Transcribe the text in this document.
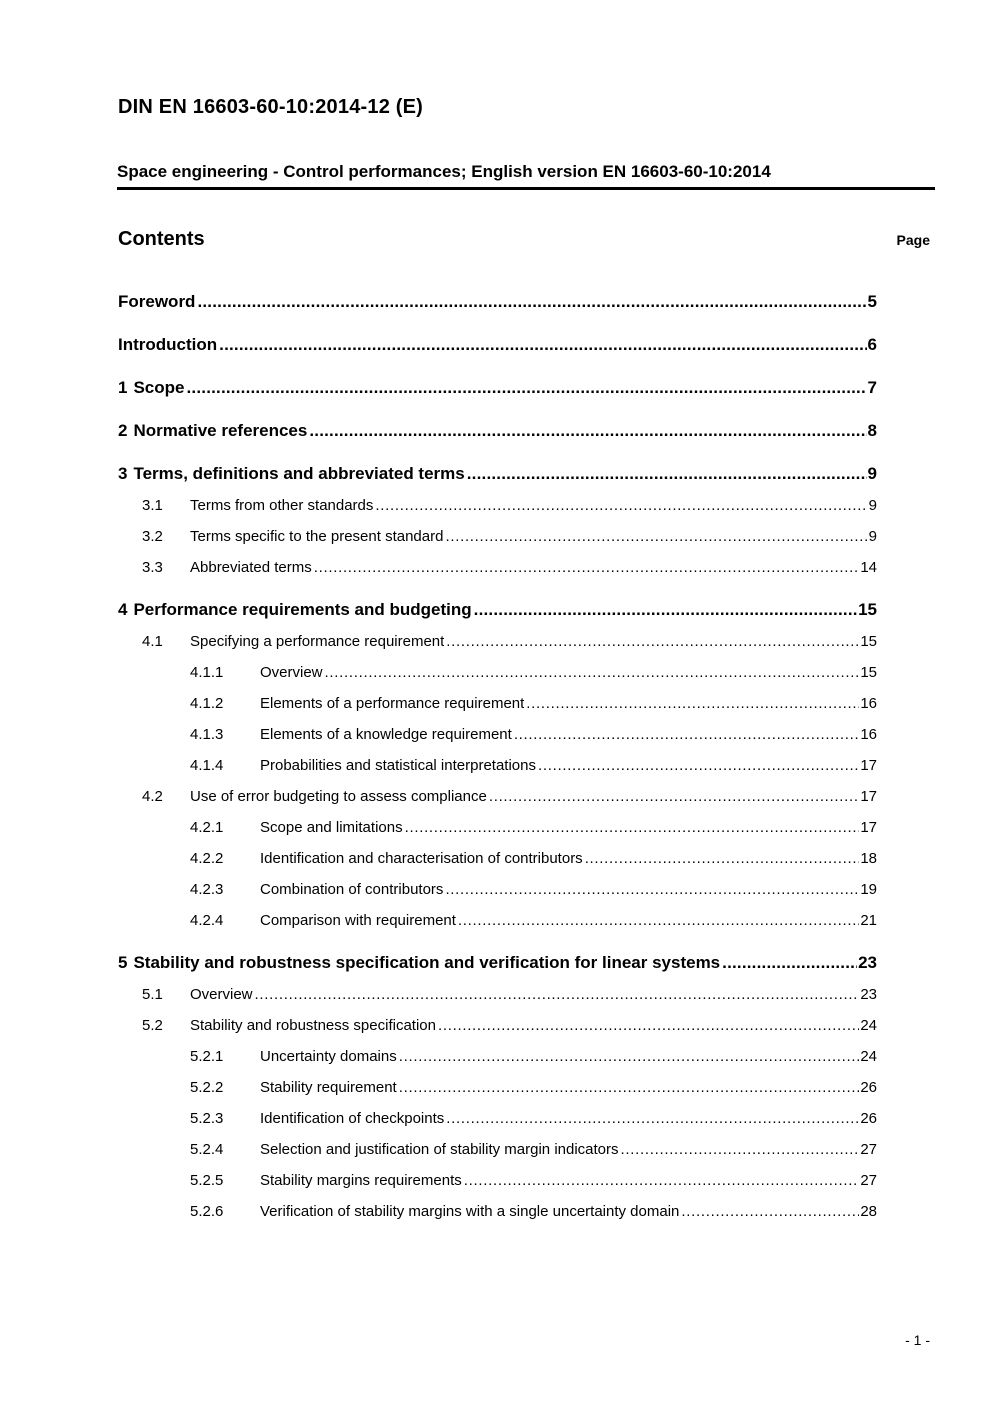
DIN EN 16603-60-10:2014-12 (E)
Space engineering - Control performances; English version EN 16603-60-10:2014
Contents	Page
Foreword .....	5
Introduction .....	6
1 Scope .....	7
2 Normative references .....	8
3 Terms, definitions and abbreviated terms .....	9
3.1	Terms from other standards .....	9
3.2	Terms specific to the present standard .....	9
3.3	Abbreviated terms .....	14
4 Performance requirements and budgeting .....	15
4.1	Specifying a performance requirement .....	15
4.1.1	Overview .....	15
4.1.2	Elements of a performance requirement .....	16
4.1.3	Elements of a knowledge requirement .....	16
4.1.4	Probabilities and statistical interpretations .....	17
4.2	Use of error budgeting to assess compliance .....	17
4.2.1	Scope and limitations .....	17
4.2.2	Identification and characterisation of contributors .....	18
4.2.3	Combination of contributors .....	19
4.2.4	Comparison with requirement .....	21
5 Stability and robustness specification and verification for linear systems .....	23
5.1	Overview .....	23
5.2	Stability and robustness specification .....	24
5.2.1	Uncertainty domains .....	24
5.2.2	Stability requirement .....	26
5.2.3	Identification of checkpoints .....	26
5.2.4	Selection and justification of stability margin indicators .....	27
5.2.5	Stability margins requirements .....	27
5.2.6	Verification of stability margins with a single uncertainty domain .....	28
- 1 -
